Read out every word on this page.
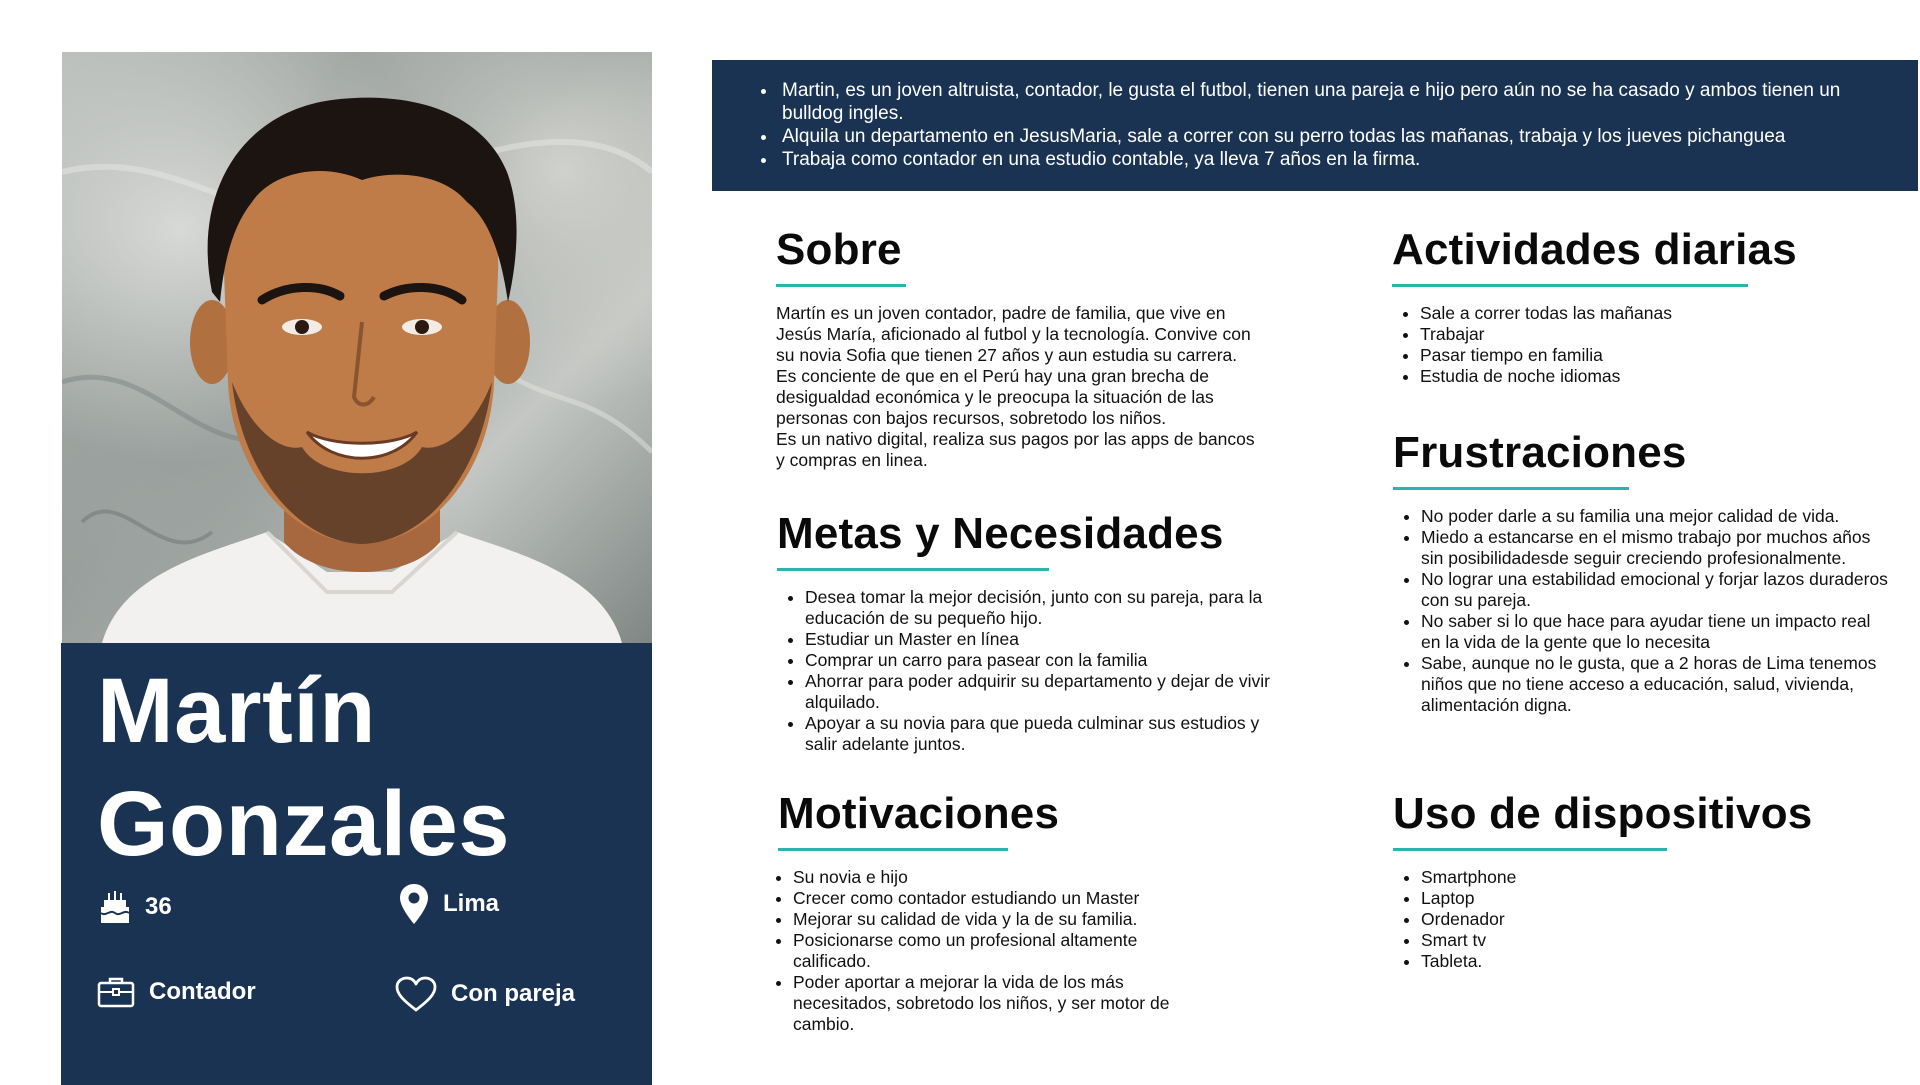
Martín
Gonzales
36	Lima
Contador	Con pareja
• Martin, es un joven altruista, contador, le gusta el futbol, tienen una pareja e hijo pero aún no se ha casado y ambos tienen un bulldog ingles.
• Alquila un departamento en JesusMaria, sale a correr con su perro todas las mañanas, trabaja y los jueves pichanguea
• Trabaja como contador en una estudio contable, ya lleva 7 años en la firma.
Sobre

Martín es un joven contador, padre de familia, que vive en
Jesús María, aficionado al futbol y la tecnología. Convive con
su novia Sofia que tienen 27 años y aun estudia su carrera.
Es conciente de que en el Perú hay una gran brecha de
desigualdad económica y le preocupa la situación de las
personas con bajos recursos, sobretodo los niños.
Es un nativo digital, realiza sus pagos por las apps de bancos
y compras en linea.

Metas y Necesidades
• Desea tomar la mejor decisión, junto con su pareja, para la educación de su pequeño hijo.
• Estudiar un Master en línea
• Comprar un carro para pasear con la familia
• Ahorrar para poder adquirir su departamento y dejar de vivir alquilado.
• Apoyar a su novia para que pueda culminar sus estudios y salir adelante juntos.
Motivaciones
• Su novia e hijo
• Crecer como contador estudiando un Master
• Mejorar su calidad de vida y la de su familia.
• Posicionarse como un profesional altamente calificado.
• Poder aportar a mejorar la vida de los más necesitados, sobretodo los niños, y ser motor de cambio.
Actividades diarias
• Sale a correr todas las mañanas
• Trabajar
• Pasar tiempo en familia
• Estudia de noche idiomas
Frustraciones
• No poder darle a su familia una mejor calidad de vida.
• Miedo a estancarse en el mismo trabajo por muchos años sin posibilidadesde seguir creciendo profesionalmente.
• No lograr una estabilidad emocional y forjar lazos duraderos con su pareja.
• No saber si lo que hace para ayudar tiene un impacto real en la vida de la gente que lo necesita
• Sabe, aunque no le gusta, que a 2 horas de Lima tenemos niños que no tiene acceso a educación, salud, vivienda, alimentación digna.
Uso de dispositivos
• Smartphone
• Laptop
• Ordenador
• Smart tv
• Tableta.
